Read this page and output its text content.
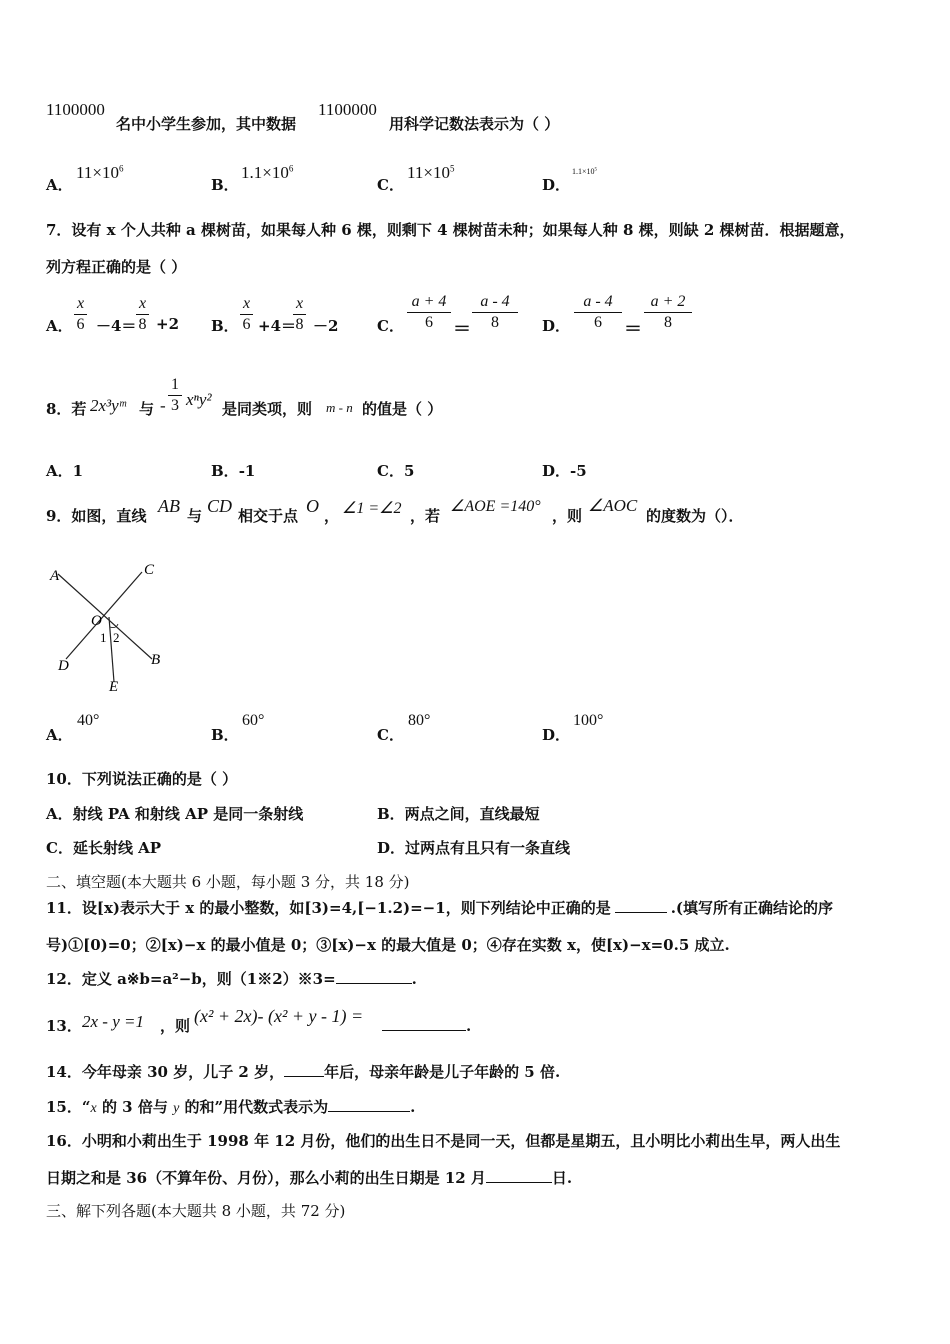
1100000
名中小学生参加，其中数据
1100000
用科学记数法表示为（ ）
A．
$11\times 10^6$
B．
$1.1\times 10^6$
C．
$11\times 10^5$
D．
$1.1\times 10^5$
7．设有 x 个人共种 a 棵树苗，如果每人种 6 棵，则剩下 4 棵树苗未种；如果每人种 8 棵，则缺 2 棵树苗．根据题意，
列方程正确的是（ ）
A．
x
6 －4＝
x
8 +2 B．
x
6 +4＝
x
8 －2	C．
a + 4
6	＝
a - 4
8	D．
a - 4
6	＝
a + 2
8
8．若 2x³yᵐ 与 -
1
3 xⁿy² 是同类项，则 m - n 的值是（ ）
A．1	B．-1	C．5	D．-5
9．如图，直线 AB 与 CD 相交于点 O ， ∠1 =∠2 ，若
∠AOE =140°
，则
∠AOC
的度数为（）．
A	C
O
1 2
D	B
E
A．
40°
B．
60°
C．
80°
D．
100°
10．下列说法正确的是（ ）
A．射线 PA 和射线 AP 是同一条射线	B．两点之间，直线最短
C．延长射线 AP	D．过两点有且只有一条直线
二、填空题(本大题共 6 小题，每小题 3 分，共 18 分)
11．设[x)表示大于 x 的最小整数，如[3)=4,[−1.2)=−1，则下列结论中正确的是	.(填写所有正确结论的序
号)①[0)=0；②[x)−x 的最小值是 0；③[x)−x 的最大值是 0；④存在实数 x，使[x)−x=0.5 成立.
12．定义 a※b=a²−b，则（1※2）※3=	.
13． 2x - y =1 ，则 (x² + 2x)- (x² + y - 1) =	.
14．今年母亲 30 岁，儿子 2 岁，	年后，母亲年龄是儿子年龄的 5 倍.
15．“x 的 3 倍与 y 的和”用代数式表示为	.
16．小明和小莉出生于 1998 年 12 月份，他们的出生日不是同一天，但都是星期五，且小明比小莉出生早，两人出生
日期之和是 36（不算年份、月份），那么小莉的出生日期是 12 月	日.
三、解下列各题(本大题共 8 小题，共 72 分)
